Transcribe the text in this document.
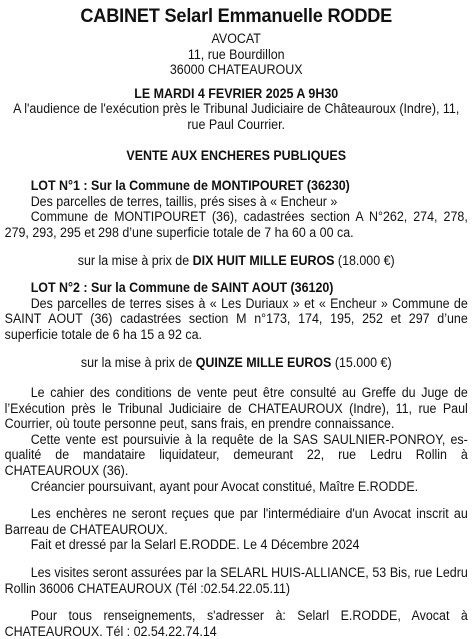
CABINET Selarl Emmanuelle RODDE

AVOCAT

11, rue Bourdillon

36000 CHATEAUROUX

LE MARDI 4 FEVRIER 2025 A 9H30

A l'audience de l'exécution près le Tribunal Judiciaire de Châteauroux (Indre), 11, rue Paul Courrier.

VENTE AUX ENCHERES PUBLIQUES

LOT N°1 : Sur la Commune de MONTIPOURET (36230)

Des parcelles de terres, taillis, prés sises à « Encheur »

Commune de MONTIPOURET (36), cadastrées section A N°262, 274, 278, 279, 293, 295 et 298 d’une superficie totale de 7 ha 60 a 00 ca.

sur la mise à prix de DIX HUIT MILLE EUROS (18.000 €)

LOT N°2 : Sur la Commune de SAINT AOUT (36120)

Des parcelles de terres sises à « Les Duriaux » et « Encheur » Commune de SAINT AOUT (36) cadastrées section M n°173, 174, 195, 252 et 297 d’une superficie totale de 6 ha 15 a 92 ca.

sur la mise à prix de QUINZE MILLE EUROS (15.000 €)

Le cahier des conditions de vente peut être consulté au Greffe du Juge de l’Exécution près le Tribunal Judiciaire de CHATEAUROUX (Indre), 11, rue Paul Courrier, où toute personne peut, sans frais, en prendre connaissance.

Cette vente est poursuivie à la requête de la SAS SAULNIER-PONROY, es-qualité de mandataire liquidateur, demeurant 22, rue Ledru Rollin à CHATEAUROUX (36).

Créancier poursuivant, ayant pour Avocat constitué, Maître E.RODDE.

Les enchères ne seront reçues que par l'intermédiaire d'un Avocat inscrit au Barreau de CHATEAUROUX.

Fait et dressé par la Selarl E.RODDE. Le 4 Décembre 2024

Les visites seront assurées par la SELARL HUIS-ALLIANCE, 53 Bis, rue Ledru Rollin 36006 CHATEAUROUX (Tél :02.54.22.05.11)

Pour tous renseignements, s'adresser à: Selarl E.RODDE, Avocat à CHATEAUROUX. Tél : 02.54.22.74.14
